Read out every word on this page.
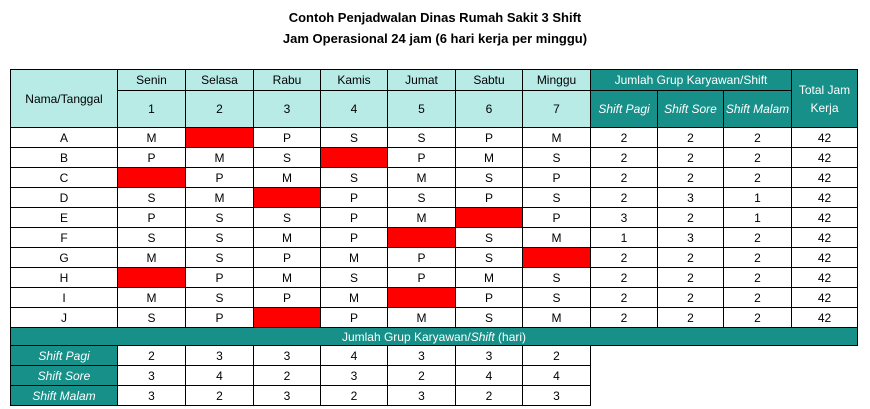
Contoh Penjadwalan Dinas Rumah Sakit 3 Shift
Jam Operasional 24 jam (6 hari kerja per minggu)
Nama/Tanggal	Senin	Selasa	Rabu	Kamis	Jumat	Sabtu	Minggu	Jumlah Grup Karyawan/Shift			Total Jam Kerja
	1	2	3	4	5	6	7	Shift Pagi	Shift Sore	Shift Malam	
A	M		P	S	S	P	M	2	2	2	42
B	P	M	S		P	M	S	2	2	2	42
C		P	M	S	M	S	P	2	2	2	42
D	S	M		P	S	P	S	2	3	1	42
E	P	S	S	P	M		P	3	2	1	42
F	S	S	M	P		S	M	1	3	2	42
G	M	S	P	M	P	S		2	2	2	42
H		P	M	S	P	M	S	2	2	2	42
I	M	S	P	M		P	S	2	2	2	42
J	S	P		P	M	S	M	2	2	2	42
Jumlah Grup Karyawan/Shift (hari)											
Shift Pagi	2	3	3	4	3	3	2				
Shift Sore	3	4	2	3	2	4	4				
Shift Malam	3	2	3	2	3	2	3				
